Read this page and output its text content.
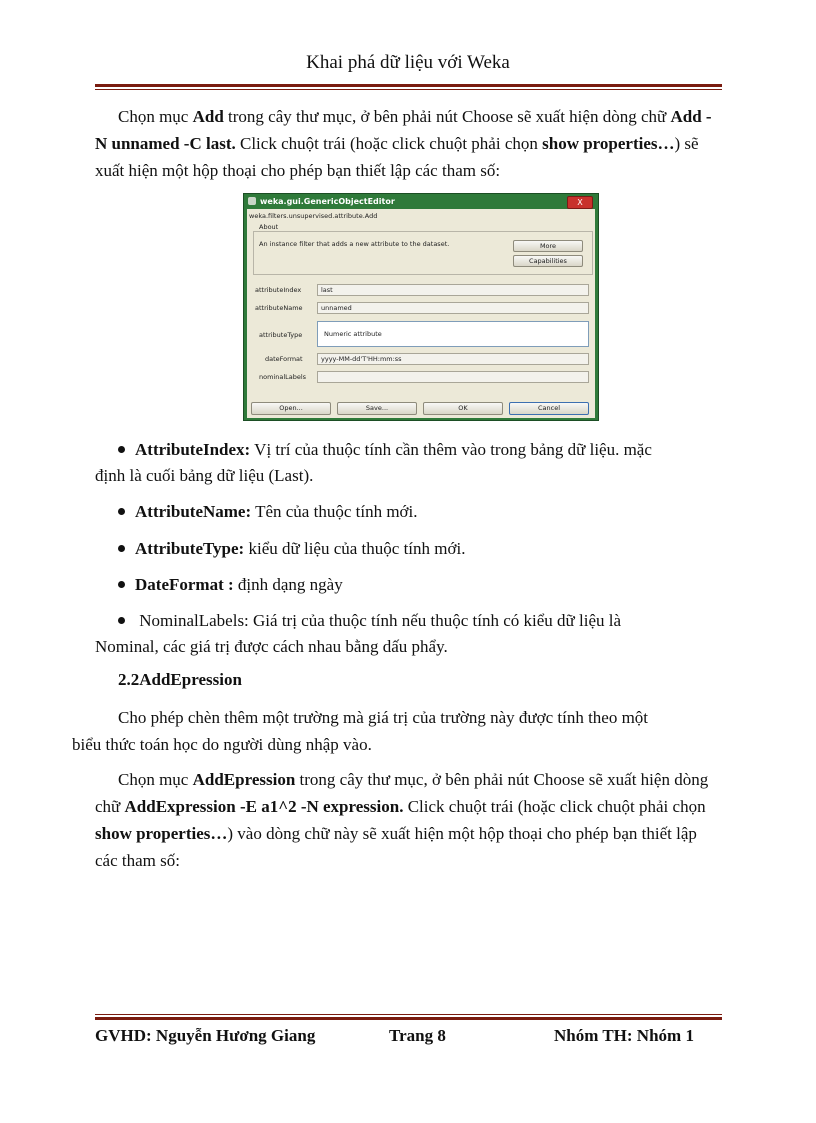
Khai phá dữ liệu với Weka
Chọn mục Add trong cây thư mục, ở bên phải nút Choose sẽ xuất hiện dòng chữ Add -N unnamed -C last. Click chuột trái (hoặc click chuột phải chọn show properties…) sẽ xuất hiện một hộp thoại cho phép bạn thiết lập các tham số:
weka.gui.GenericObjectEditor	X
weka.filters.unsupervised.attribute.Add
About
An instance filter that adds a new attribute to the dataset.	More
Capabilities
attributeIndex	last
attributeName	unnamed
attributeType	Numeric attribute
dateFormat	yyyy-MM-dd'T'HH:mm:ss
nominalLabels
Open...	Save...	OK	Cancel
AttributeIndex: Vị trí của thuộc tính cần thêm vào trong bảng dữ liệu. mặc
định là cuối bảng dữ liệu (Last).
AttributeName: Tên của thuộc tính mới.
AttributeType: kiểu dữ liệu của thuộc tính mới.
DateFormat : định dạng ngày
NominalLabels: Giá trị của thuộc tính nếu thuộc tính có kiểu dữ liệu là
Nominal, các giá trị được cách nhau bằng dấu phẩy.
2.2AddEpression
Cho phép chèn thêm một trường mà giá trị của trường này được tính theo một
biểu thức toán học do người dùng nhập vào.
Chọn mục AddEpression trong cây thư mục, ở bên phải nút Choose sẽ xuất hiện dòng chữ AddExpression -E a1^2 -N expression. Click chuột trái (hoặc click chuột phải chọn show properties…) vào dòng chữ này sẽ xuất hiện một hộp thoại cho phép bạn thiết lập các tham số:
GVHD: Nguyễn Hương Giang	Trang 8	Nhóm TH: Nhóm 1
